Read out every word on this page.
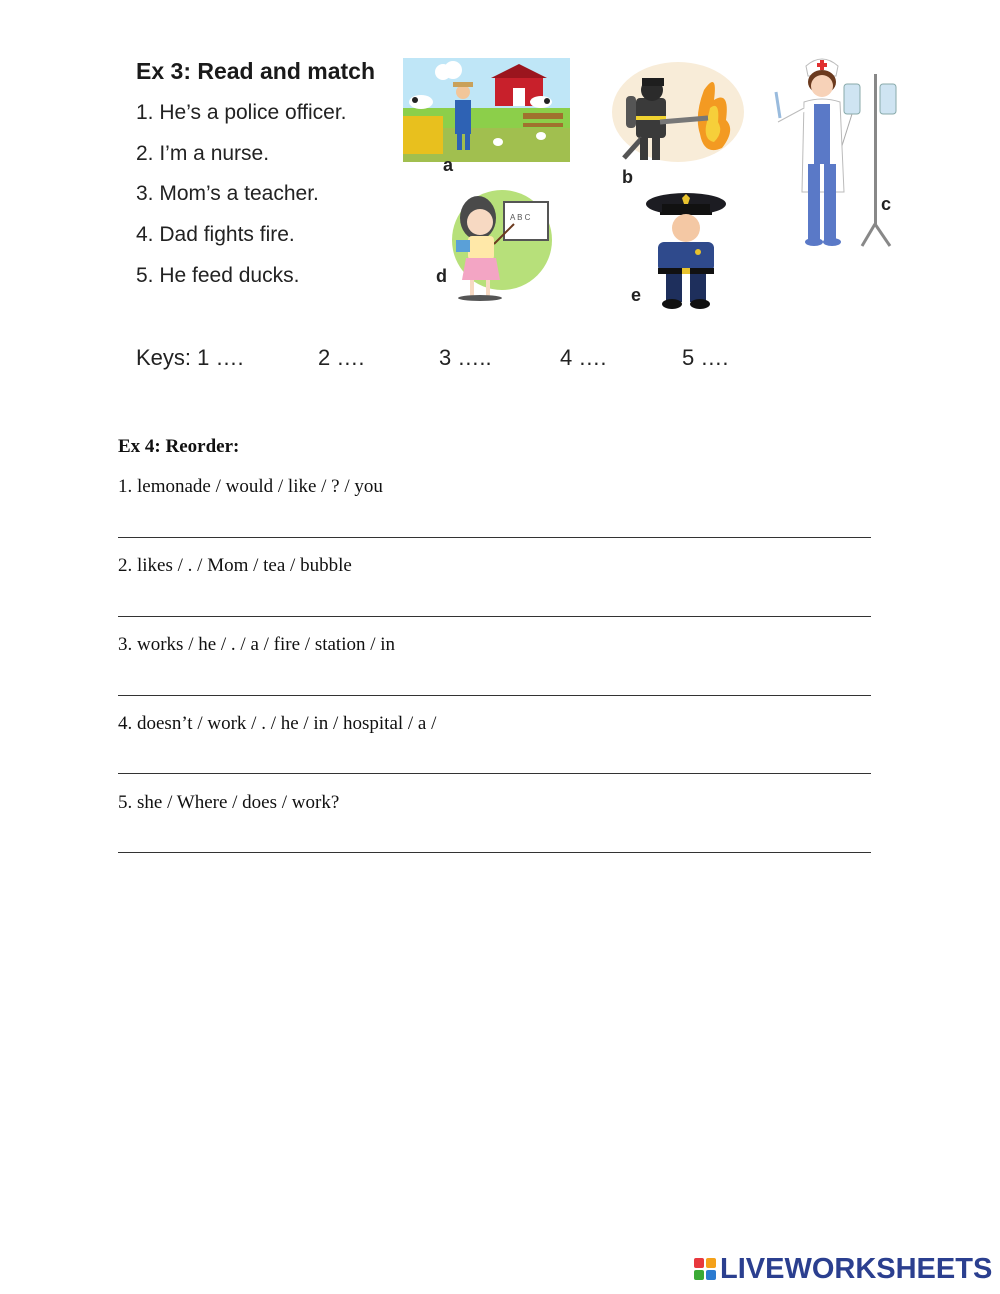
Ex 3: Read and match
1. He’s a police officer.
2. I’m a nurse.
3. Mom’s a teacher.
4. Dad fights fire.
5. He feed ducks.
a
b
c
A B C
d
e
Keys: 1 ….	2 ….	3 …..	4 ….	5 ….
Ex 4: Reorder:
1. lemonade / would / like / ? / you
2. likes / . / Mom / tea / bubble
3. works / he / . / a / fire / station / in
4. doesn’t / work / . / he / in / hospital / a /
5. she / Where / does / work?
LIVEWORKSHEETS
